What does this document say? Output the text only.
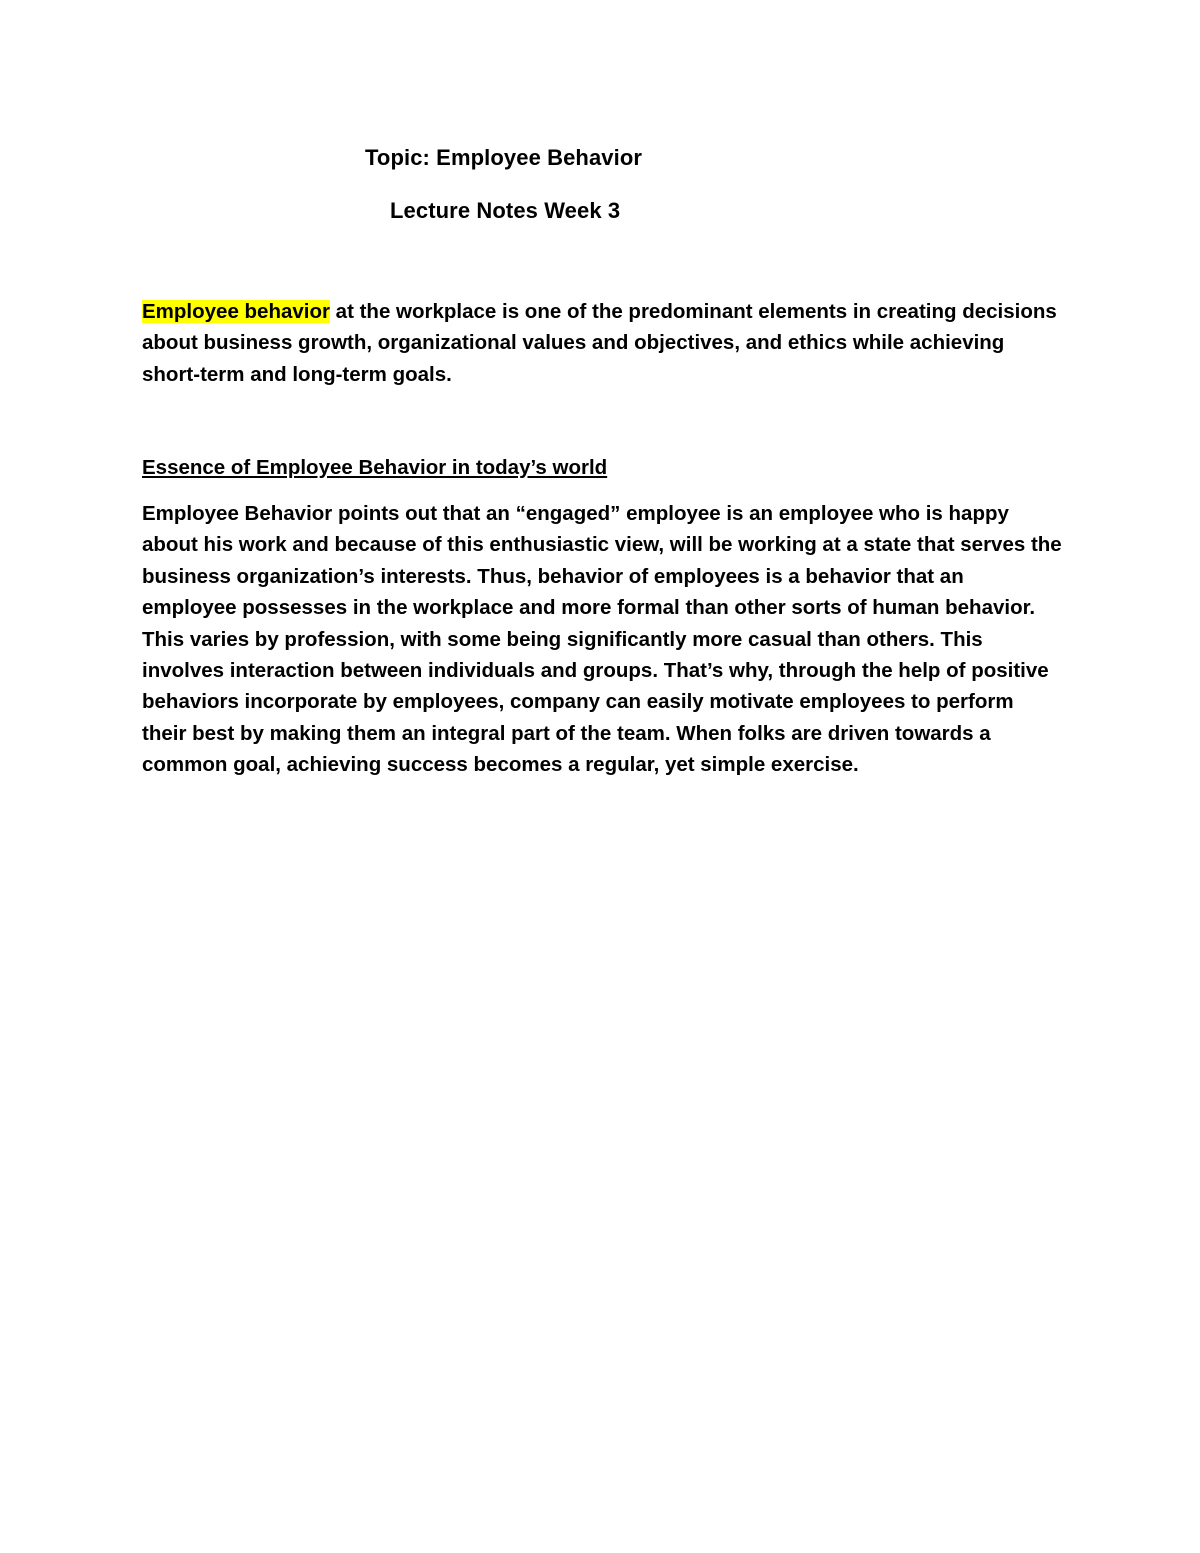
Topic: Employee Behavior
Lecture Notes Week 3

Employee behavior at the workplace is one of the predominant elements in creating decisions about business growth, organizational values and objectives, and ethics while achieving short-term and long-term goals.

Essence of Employee Behavior in today’s world

Employee Behavior points out that an “engaged” employee is an employee who is happy about his work and because of this enthusiastic view, will be working at a state that serves the business organization’s interests. Thus, behavior of employees is a behavior that an employee possesses in the workplace and more formal than other sorts of human behavior. This varies by profession, with some being significantly more casual than others. This involves interaction between individuals and groups. That’s why, through the help of positive behaviors incorporate by employees, company can easily motivate employees to perform their best by making them an integral part of the team. When folks are driven towards a common goal, achieving success becomes a regular, yet simple exercise.
